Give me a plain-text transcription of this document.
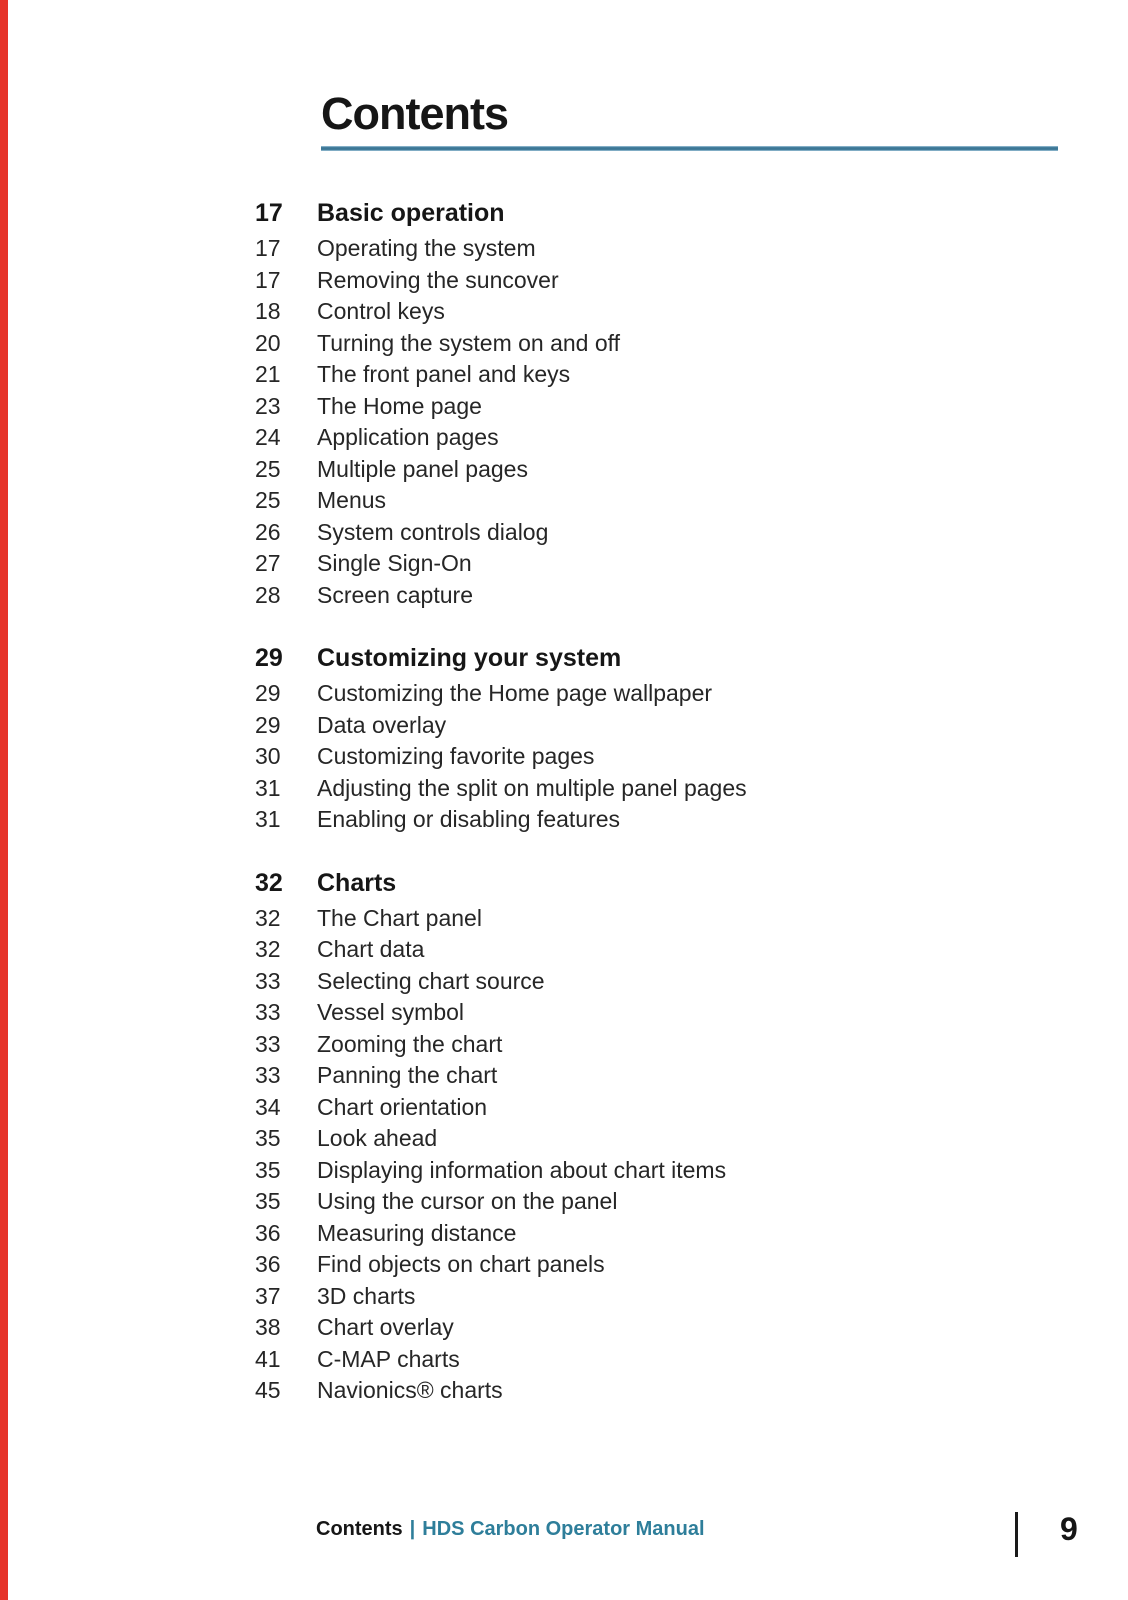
Contents
17	Basic operation
17	Operating the system
17	Removing the suncover
18	Control keys
20	Turning the system on and off
21	The front panel and keys
23	The Home page
24	Application pages
25	Multiple panel pages
25	Menus
26	System controls dialog
27	Single Sign-On
28	Screen capture
29	Customizing your system
29	Customizing the Home page wallpaper
29	Data overlay
30	Customizing favorite pages
31	Adjusting the split on multiple panel pages
31	Enabling or disabling features
32	Charts
32	The Chart panel
32	Chart data
33	Selecting chart source
33	Vessel symbol
33	Zooming the chart
33	Panning the chart
34	Chart orientation
35	Look ahead
35	Displaying information about chart items
35	Using the cursor on the panel
36	Measuring distance
36	Find objects on chart panels
37	3D charts
38	Chart overlay
41	C-MAP charts
45	Navionics® charts
Contents | HDS Carbon Operator Manual	9
